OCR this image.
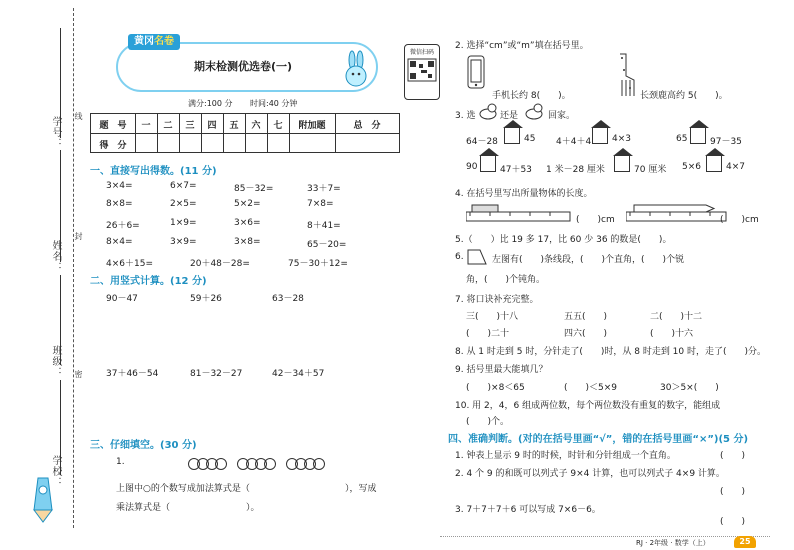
学号：
姓名：
班级：
学校：
线
封
密
黄冈名卷
期末检测优选卷(一)
微信扫码
满分:100 分 时间:40 分钟
题　号	一	二	三	四	五	六	七	附加题	总　分
得　分
一、直接写出得数。(11 分)
3×4=	6×7=	85－32=	33＋7=
8×8=	2×5=	5×2=	7×8=
26＋6=	1×9=	3×6=	8＋41=
8×4=	3×9=	3×8=	65－20=
4×6＋15=	20＋48－28=	75－30＋12=
二、用竖式计算。(12 分)
90－47	59＋26	63－28
37＋46－54	81－32－27	42－34＋57
三、仔细填空。(30 分)
1.
上图中○的个数写成加法算式是（	），写成
乘法算式是（	）。
2. 选择“cm”或“m”填在括号里。
手机长约 8(　　)。	长颈鹿高约 5(　　)。
3. 选	还是	回家。
64－28	45 4＋4＋4 4×3	65	97－35
90	47＋53 1 米－28 厘米	70 厘米 5×6	4×7
4. 在括号里写出所量物体的长度。
(　　)cm	(　　)cm
5.（　　）比 19 多 17，比 60 少 36 的数是(　　)。
6.	左图有(　　)条线段，(　　)个直角，(　　)个锐
角，(　　)个钝角。
7. 将口诀补充完整。
三(　　)十八	五五(　　)	二(　　)十二
(　　)二十	四六(　　)	(　　)十六
8. 从 1 时走到 5 时，分针走了(　　)时，从 8 时走到 10 时，走了(　　)分。
9. 括号里最大能填几？
(　　)×8＜65	(　　)＜5×9	30＞5×(　　)
10. 用 2，4，6 组成两位数，每个两位数没有重复的数字，能组成
(　　)个。
四、准确判断。(对的在括号里画“√”，错的在括号里画“×”)(5 分)
1. 钟表上显示 9 时的时候，时针和分针组成一个直角。	(　　)
2. 4 个 9 的和既可以列式子 9×4 计算，也可以列式子 4×9 计算。
(　　)
3. 7＋7＋7＋6 可以写成 7×6－6。
(　　)
RJ · 2年级 · 数学（上）	25
